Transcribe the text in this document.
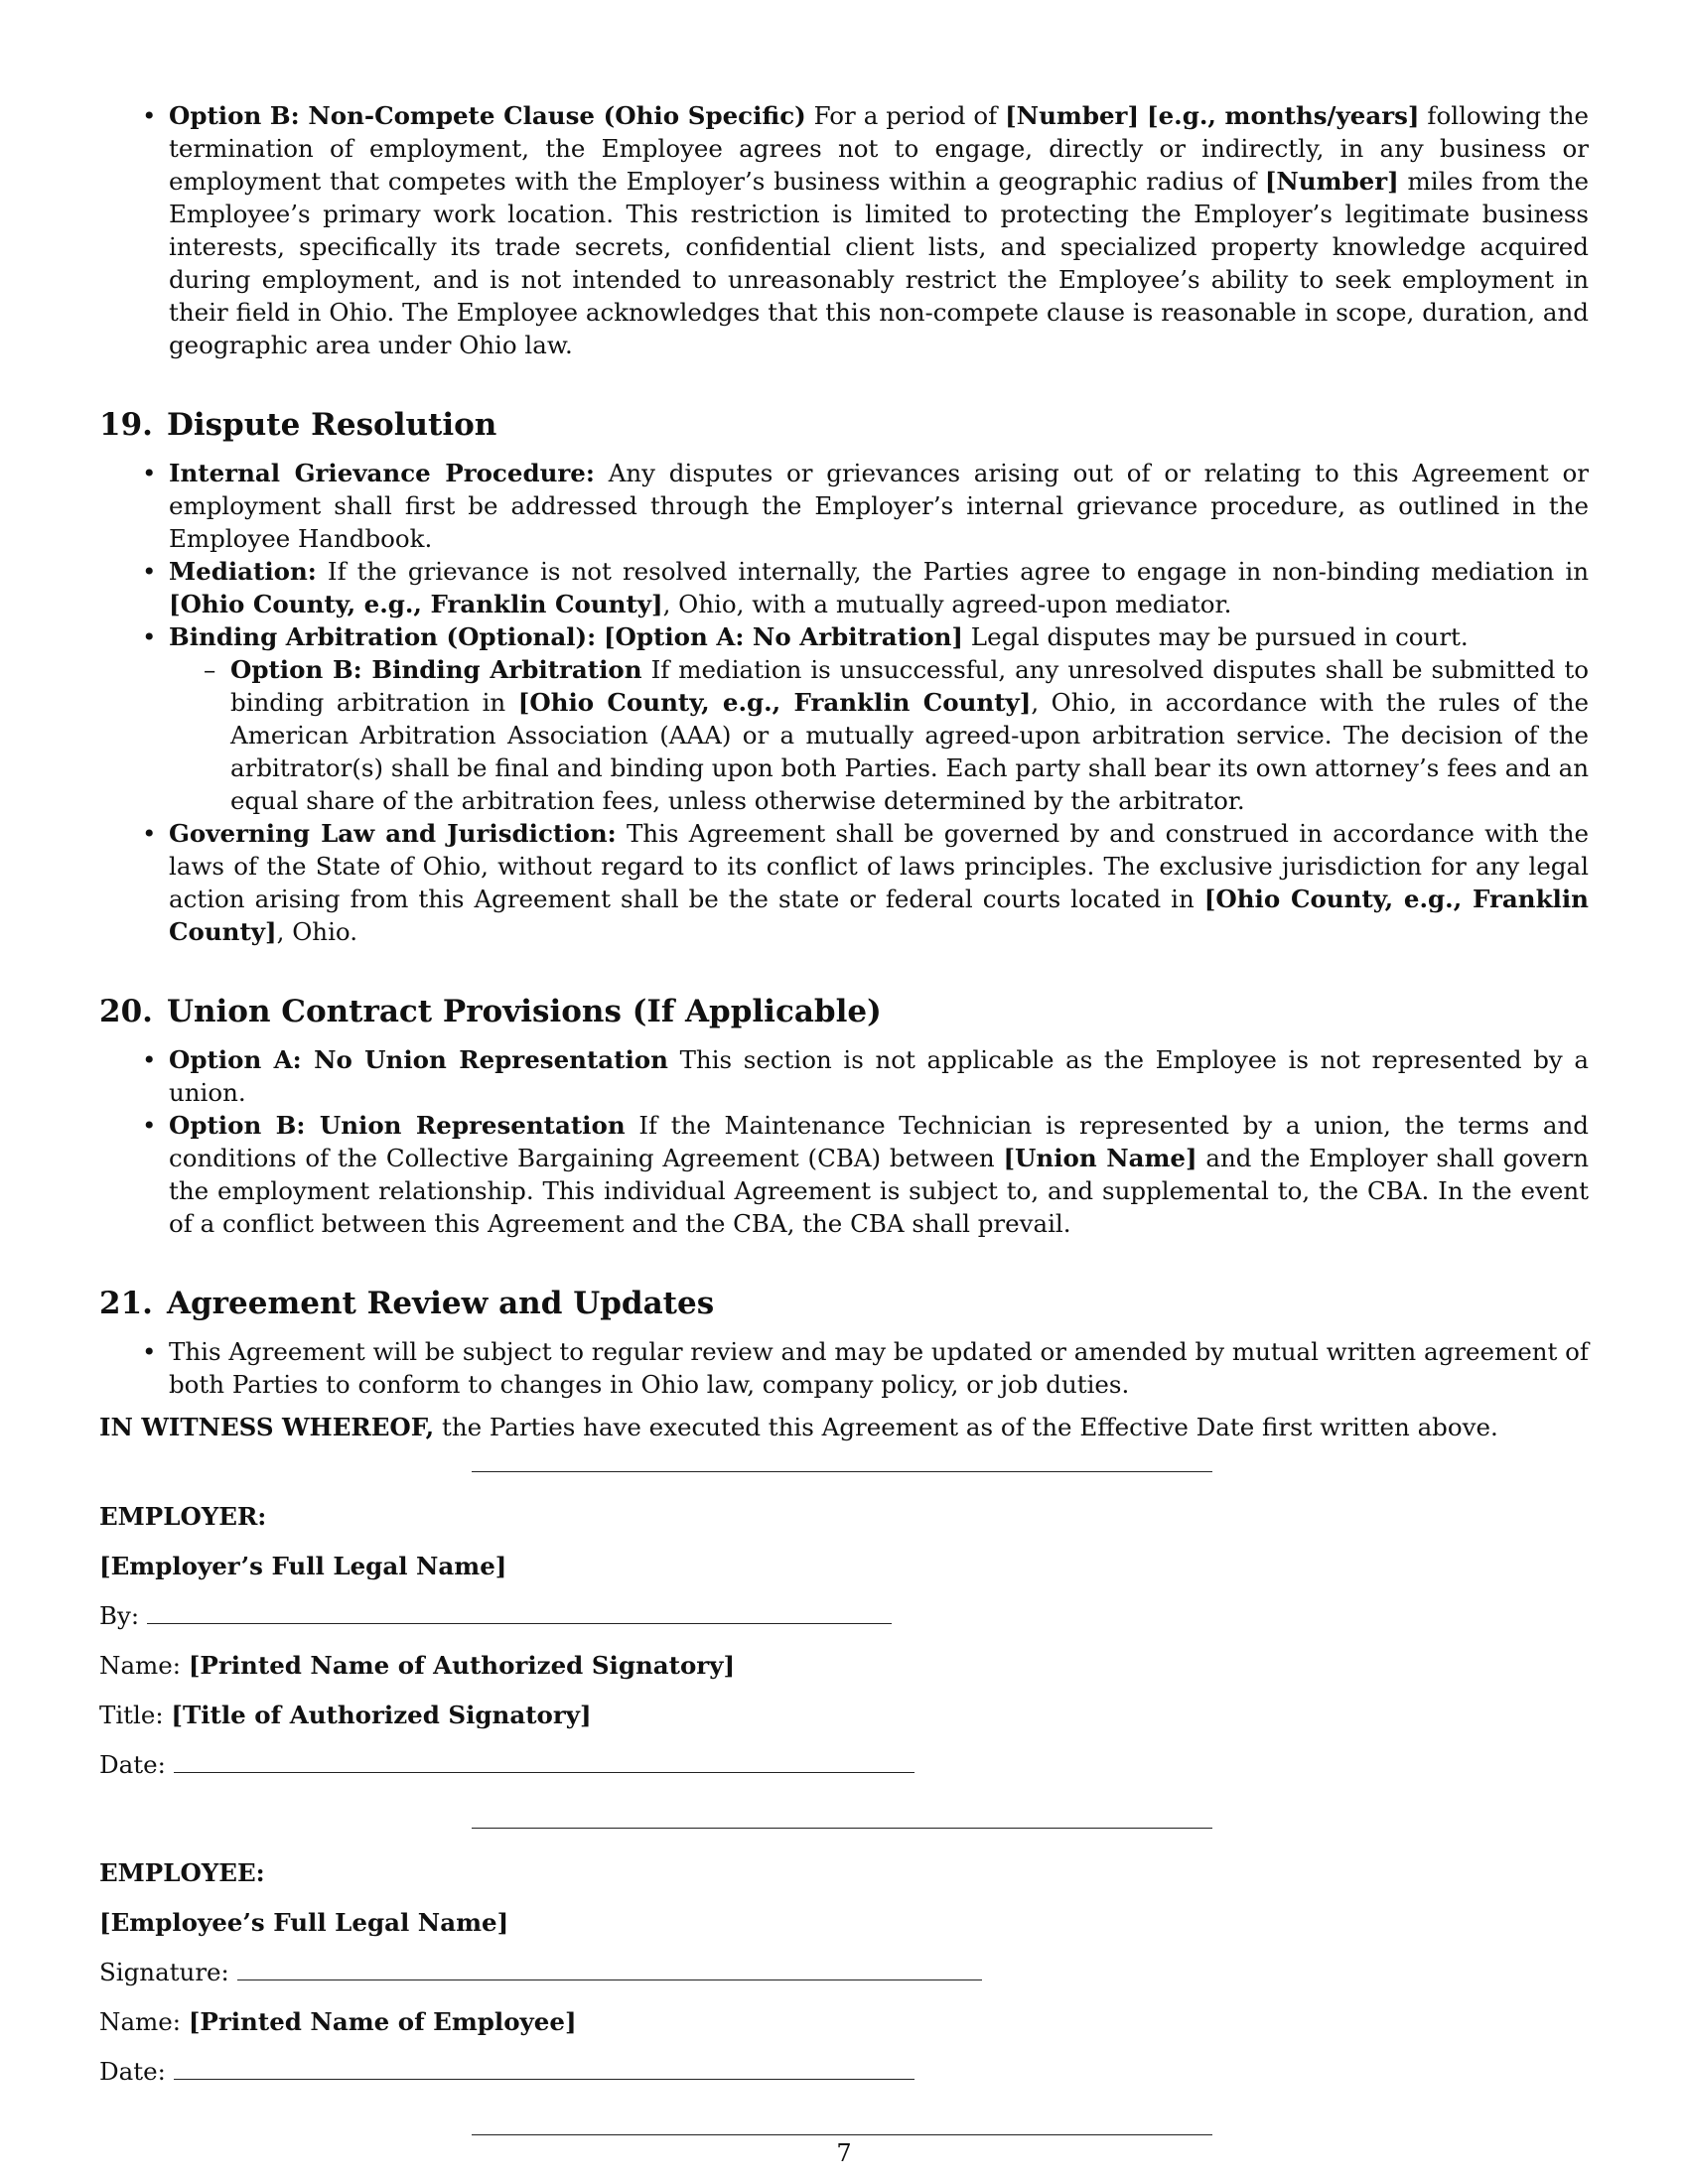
• Option B: Non-Compete Clause (Ohio Specific) For a period of [Number] [e.g., months/years] following the termination of employment, the Employee agrees not to engage, directly or indirectly, in any business or employment that competes with the Employer’s business within a geographic radius of [Number] miles from the Employee’s primary work location. This restriction is limited to protecting the Employer’s legitimate business interests, specifically its trade secrets, confidential client lists, and specialized property knowledge acquired during employment, and is not intended to unreasonably restrict the Employee’s ability to seek employment in their field in Ohio. The Employee acknowledges that this non-compete clause is reasonable in scope, duration, and geographic area under Ohio law.

19. Dispute Resolution

• Internal Grievance Procedure: Any disputes or grievances arising out of or relating to this Agreement or employment shall first be addressed through the Employer’s internal grievance procedure, as outlined in the Employee Handbook.

• Mediation: If the grievance is not resolved internally, the Parties agree to engage in non-binding mediation in [Ohio County, e.g., Franklin County], Ohio, with a mutually agreed-upon mediator.

• Binding Arbitration (Optional): [Option A: No Arbitration] Legal disputes may be pursued in court.

– Option B: Binding Arbitration If mediation is unsuccessful, any unresolved disputes shall be submitted to binding arbitration in [Ohio County, e.g., Franklin County], Ohio, in accordance with the rules of the American Arbitration Association (AAA) or a mutually agreed-upon arbitration service. The decision of the arbitrator(s) shall be final and binding upon both Parties. Each party shall bear its own attorney’s fees and an equal share of the arbitration fees, unless otherwise determined by the arbitrator.

• Governing Law and Jurisdiction: This Agreement shall be governed by and construed in accordance with the laws of the State of Ohio, without regard to its conflict of laws principles. The exclusive jurisdiction for any legal action arising from this Agreement shall be the state or federal courts located in [Ohio County, e.g., Franklin County], Ohio.

20. Union Contract Provisions (If Applicable)

• Option A: No Union Representation This section is not applicable as the Employee is not represented by a union.

• Option B: Union Representation If the Maintenance Technician is represented by a union, the terms and conditions of the Collective Bargaining Agreement (CBA) between [Union Name] and the Employer shall govern the employment relationship. This individual Agreement is subject to, and supplemental to, the CBA. In the event of a conflict between this Agreement and the CBA, the CBA shall prevail.

21. Agreement Review and Updates

• This Agreement will be subject to regular review and may be updated or amended by mutual written agreement of both Parties to conform to changes in Ohio law, company policy, or job duties.

IN WITNESS WHEREOF, the Parties have executed this Agreement as of the Effective Date first written above.

EMPLOYER:

[Employer’s Full Legal Name]

By:

Name: [Printed Name of Authorized Signatory]

Title: [Title of Authorized Signatory]

Date:

EMPLOYEE:

[Employee’s Full Legal Name]

Signature:

Name: [Printed Name of Employee]

Date:

7
